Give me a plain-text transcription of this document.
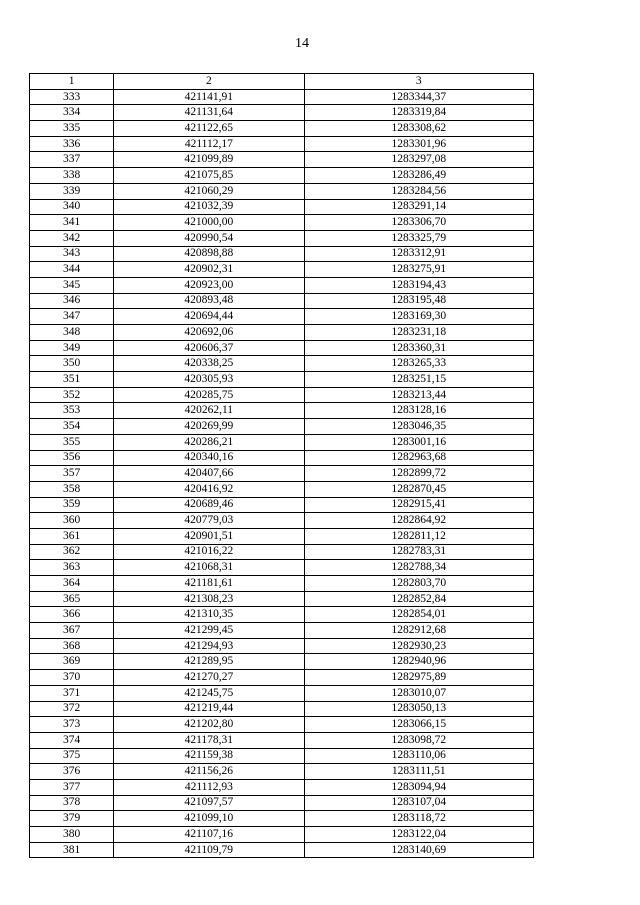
14
1	2	3
333	421141,91	1283344,37
334	421131,64	1283319,84
335	421122,65	1283308,62
336	421112,17	1283301,96
337	421099,89	1283297,08
338	421075,85	1283286,49
339	421060,29	1283284,56
340	421032,39	1283291,14
341	421000,00	1283306,70
342	420990,54	1283325,79
343	420898,88	1283312,91
344	420902,31	1283275,91
345	420923,00	1283194,43
346	420893,48	1283195,48
347	420694,44	1283169,30
348	420692,06	1283231,18
349	420606,37	1283360,31
350	420338,25	1283265,33
351	420305,93	1283251,15
352	420285,75	1283213,44
353	420262,11	1283128,16
354	420269,99	1283046,35
355	420286,21	1283001,16
356	420340,16	1282963,68
357	420407,66	1282899,72
358	420416,92	1282870,45
359	420689,46	1282915,41
360	420779,03	1282864,92
361	420901,51	1282811,12
362	421016,22	1282783,31
363	421068,31	1282788,34
364	421181,61	1282803,70
365	421308,23	1282852,84
366	421310,35	1282854,01
367	421299,45	1282912,68
368	421294,93	1282930,23
369	421289,95	1282940,96
370	421270,27	1282975,89
371	421245,75	1283010,07
372	421219,44	1283050,13
373	421202,80	1283066,15
374	421178,31	1283098,72
375	421159,38	1283110,06
376	421156,26	1283111,51
377	421112,93	1283094,94
378	421097,57	1283107,04
379	421099,10	1283118,72
380	421107,16	1283122,04
381	421109,79	1283140,69
